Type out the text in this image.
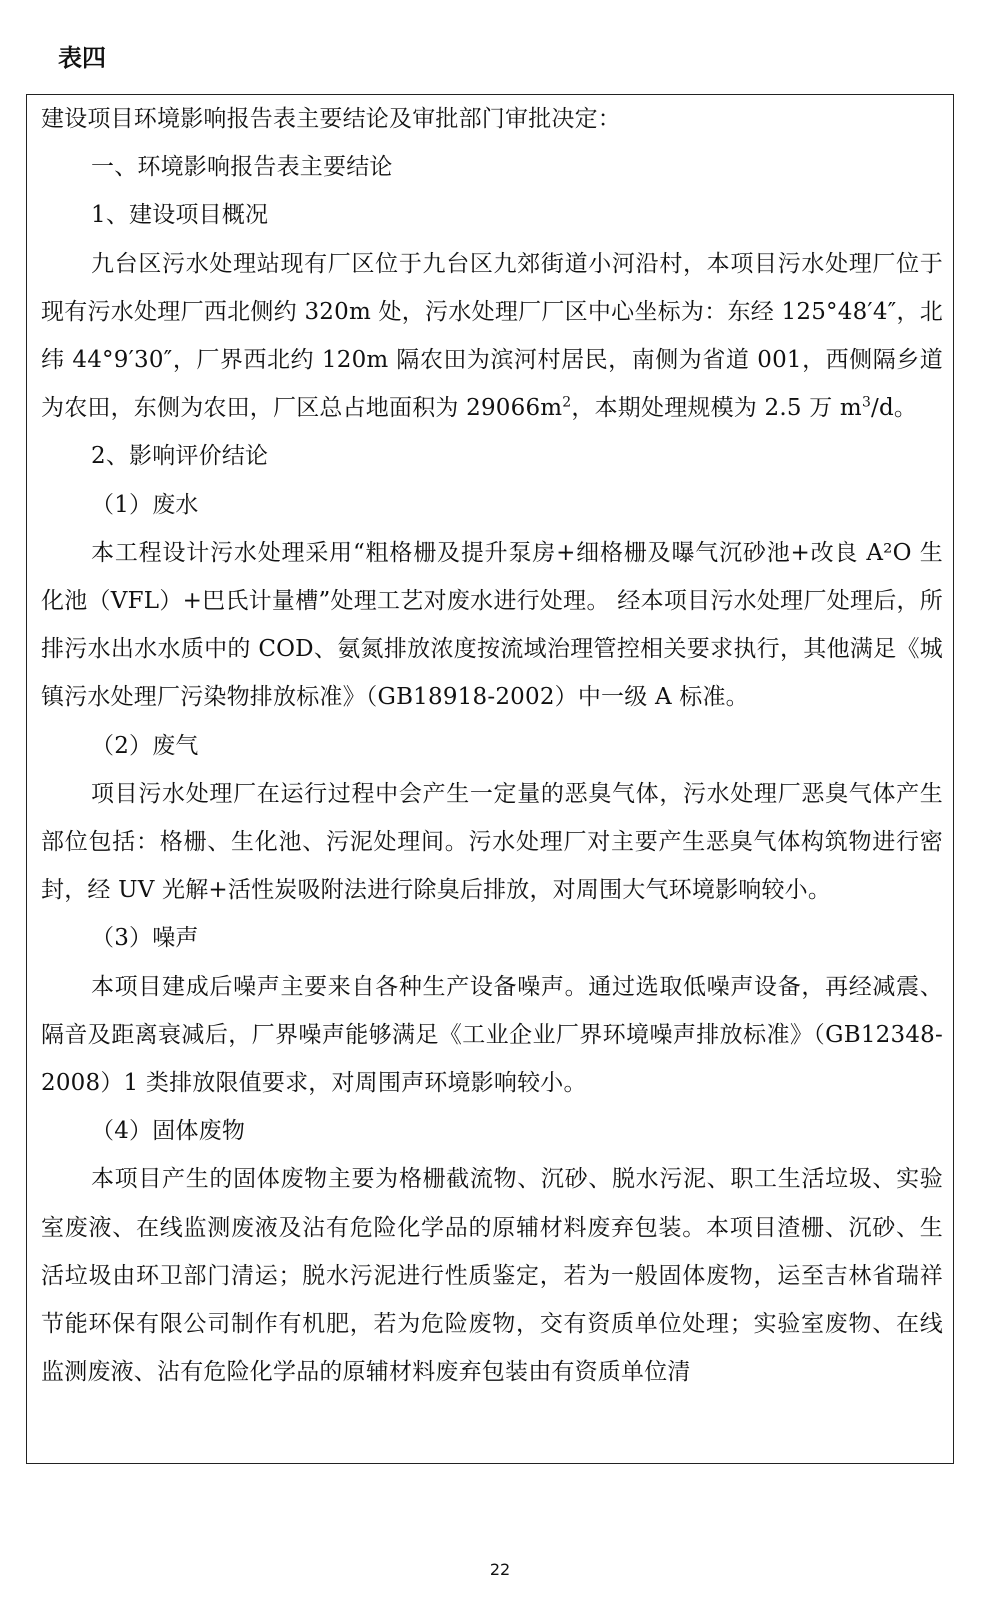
表四

建设项目环境影响报告表主要结论及审批部门审批决定：

一、环境影响报告表主要结论

1、建设项目概况

九台区污水处理站现有厂区位于九台区九郊街道小河沿村，本项目污水处理厂位于现有污水处理厂西北侧约 320m 处，污水处理厂厂区中心坐标为：东经 125°48′4″，北纬 44°9′30″，厂界西北约 120m 隔农田为滨河村居民，南侧为省道 001，西侧隔乡道为农田，东侧为农田，厂区总占地面积为 $29066m^2$，本期处理规模为 2.5 万 $m^3/d$。

2、影响评价结论

（1）废水

本工程设计污水处理采用“粗格栅及提升泵房+细格栅及曝气沉砂池+改良 A²O 生化池（VFL）+巴氏计量槽”处理工艺对废水进行处理。 经本项目污水处理厂处理后，所排污水出水水质中的 COD、氨氮排放浓度按流域治理管控相关要求执行，其他满足《城镇污水处理厂污染物排放标准》（GB18918-2002）中一级 A 标准。

（2）废气

项目污水处理厂在运行过程中会产生一定量的恶臭气体，污水处理厂恶臭气体产生部位包括：格栅、生化池、污泥处理间。污水处理厂对主要产生恶臭气体构筑物进行密封，经 UV 光解+活性炭吸附法进行除臭后排放，对周围大气环境影响较小。

（3）噪声

本项目建成后噪声主要来自各种生产设备噪声。通过选取低噪声设备，再经减震、隔音及距离衰减后，厂界噪声能够满足《工业企业厂界环境噪声排放标准》（GB12348-2008）1 类排放限值要求，对周围声环境影响较小。

（4）固体废物

本项目产生的固体废物主要为格栅截流物、沉砂、脱水污泥、职工生活垃圾、实验室废液、在线监测废液及沾有危险化学品的原辅材料废弃包装。本项目渣栅、沉砂、生活垃圾由环卫部门清运；脱水污泥进行性质鉴定，若为一般固体废物，运至吉林省瑞祥节能环保有限公司制作有机肥，若为危险废物，交有资质单位处理；实验室废物、在线监测废液、沾有危险化学品的原辅材料废弃包装由有资质单位清

22
